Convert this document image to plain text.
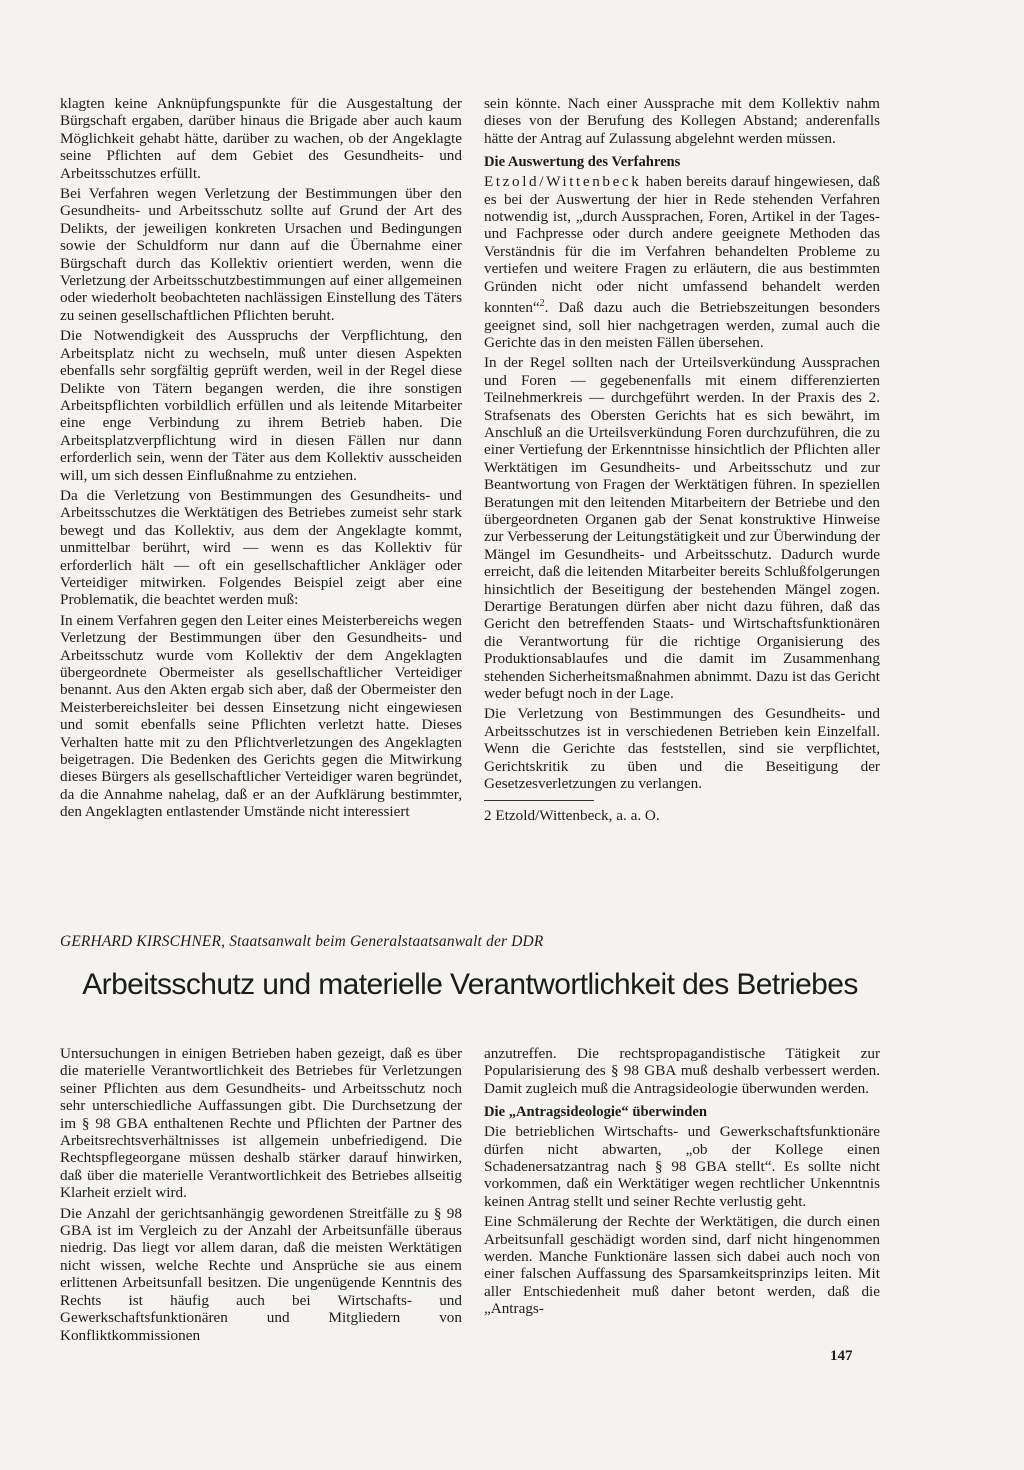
klagten keine Anknüpfungspunkte für die Ausgestaltung der Bürgschaft ergaben, darüber hinaus die Brigade aber auch kaum Möglichkeit gehabt hätte, darüber zu wachen, ob der Angeklagte seine Pflichten auf dem Gebiet des Gesundheits- und Arbeitsschutzes erfüllt.

Bei Verfahren wegen Verletzung der Bestimmungen über den Gesundheits- und Arbeitsschutz sollte auf Grund der Art des Delikts, der jeweiligen konkreten Ursachen und Bedingungen sowie der Schuldform nur dann auf die Übernahme einer Bürgschaft durch das Kollektiv orientiert werden, wenn die Verletzung der Arbeitsschutzbestimmungen auf einer allgemeinen oder wiederholt beobachteten nachlässigen Einstellung des Täters zu seinen gesellschaftlichen Pflichten beruht.

Die Notwendigkeit des Ausspruchs der Verpflichtung, den Arbeitsplatz nicht zu wechseln, muß unter diesen Aspekten ebenfalls sehr sorgfältig geprüft werden, weil in der Regel diese Delikte von Tätern begangen werden, die ihre sonstigen Arbeitspflichten vorbildlich erfüllen und als leitende Mitarbeiter eine enge Verbindung zu ihrem Betrieb haben. Die Arbeitsplatzverpflichtung wird in diesen Fällen nur dann erforderlich sein, wenn der Täter aus dem Kollektiv ausscheiden will, um sich dessen Einflußnahme zu entziehen.

Da die Verletzung von Bestimmungen des Gesundheits- und Arbeitsschutzes die Werktätigen des Betriebes zumeist sehr stark bewegt und das Kollektiv, aus dem der Angeklagte kommt, unmittelbar berührt, wird — wenn es das Kollektiv für erforderlich hält — oft ein gesellschaftlicher Ankläger oder Verteidiger mitwirken. Folgendes Beispiel zeigt aber eine Problematik, die beachtet werden muß:

In einem Verfahren gegen den Leiter eines Meisterbereichs wegen Verletzung der Bestimmungen über den Gesundheits- und Arbeitsschutz wurde vom Kollektiv der dem Angeklagten übergeordnete Obermeister als gesellschaftlicher Verteidiger benannt. Aus den Akten ergab sich aber, daß der Obermeister den Meisterbereichsleiter bei dessen Einsetzung nicht eingewiesen und somit ebenfalls seine Pflichten verletzt hatte. Dieses Verhalten hatte mit zu den Pflichtverletzungen des Angeklagten beigetragen. Die Bedenken des Gerichts gegen die Mitwirkung dieses Bürgers als gesellschaftlicher Verteidiger waren begründet, da die Annahme nahelag, daß er an der Aufklärung bestimmter, den Angeklagten entlastender Umstände nicht interessiert

sein könnte. Nach einer Aussprache mit dem Kollektiv nahm dieses von der Berufung des Kollegen Abstand; anderenfalls hätte der Antrag auf Zulassung abgelehnt werden müssen.

Die Auswertung des Verfahrens

Etzold/Wittenbeck haben bereits darauf hingewiesen, daß es bei der Auswertung der hier in Rede stehenden Verfahren notwendig ist, „durch Aussprachen, Foren, Artikel in der Tages- und Fachpresse oder durch andere geeignete Methoden das Verständnis für die im Verfahren behandelten Probleme zu vertiefen und weitere Fragen zu erläutern, die aus bestimmten Gründen nicht oder nicht umfassend behandelt werden konnten“$^2$. Daß dazu auch die Betriebszeitungen besonders geeignet sind, soll hier nachgetragen werden, zumal auch die Gerichte das in den meisten Fällen übersehen.

In der Regel sollten nach der Urteilsverkündung Aussprachen und Foren — gegebenenfalls mit einem differenzierten Teilnehmerkreis — durchgeführt werden. In der Praxis des 2. Strafsenats des Obersten Gerichts hat es sich bewährt, im Anschluß an die Urteilsverkündung Foren durchzuführen, die zu einer Vertiefung der Erkenntnisse hinsichtlich der Pflichten aller Werktätigen im Gesundheits- und Arbeitsschutz und zur Beantwortung von Fragen der Werktätigen führen. In speziellen Beratungen mit den leitenden Mitarbeitern der Betriebe und den übergeordneten Organen gab der Senat konstruktive Hinweise zur Verbesserung der Leitungstätigkeit und zur Überwindung der Mängel im Gesundheits- und Arbeitsschutz. Dadurch wurde erreicht, daß die leitenden Mitarbeiter bereits Schlußfolgerungen hinsichtlich der Beseitigung der bestehenden Mängel zogen. Derartige Beratungen dürfen aber nicht dazu führen, daß das Gericht den betreffenden Staats- und Wirtschaftsfunktionären die Verantwortung für die richtige Organisierung des Produktionsablaufes und die damit im Zusammenhang stehenden Sicherheitsmaßnahmen abnimmt. Dazu ist das Gericht weder befugt noch in der Lage.

Die Verletzung von Bestimmungen des Gesundheits- und Arbeitsschutzes ist in verschiedenen Betrieben kein Einzelfall. Wenn die Gerichte das feststellen, sind sie verpflichtet, Gerichtskritik zu üben und die Beseitigung der Gesetzesverletzungen zu verlangen.

2 Etzold/Wittenbeck, a. a. O.

GERHARD KIRSCHNER, Staatsanwalt beim Generalstaatsanwalt der DDR
Arbeitsschutz und materielle Verantwortlichkeit des Betriebes

Untersuchungen in einigen Betrieben haben gezeigt, daß es über die materielle Verantwortlichkeit des Betriebes für Verletzungen seiner Pflichten aus dem Gesundheits- und Arbeitsschutz noch sehr unterschiedliche Auffassungen gibt. Die Durchsetzung der im § 98 GBA enthaltenen Rechte und Pflichten der Partner des Arbeitsrechtsverhältnisses ist allgemein unbefriedigend. Die Rechtspflegeorgane müssen deshalb stärker darauf hinwirken, daß über die materielle Verantwortlichkeit des Betriebes allseitig Klarheit erzielt wird.

Die Anzahl der gerichtsanhängig gewordenen Streitfälle zu § 98 GBA ist im Vergleich zu der Anzahl der Arbeitsunfälle überaus niedrig. Das liegt vor allem daran, daß die meisten Werktätigen nicht wissen, welche Rechte und Ansprüche sie aus einem erlittenen Arbeitsunfall besitzen. Die ungenügende Kenntnis des Rechts ist häufig auch bei Wirtschafts- und Gewerkschaftsfunktionären und Mitgliedern von Konfliktkommissionen

anzutreffen. Die rechtspropagandistische Tätigkeit zur Popularisierung des § 98 GBA muß deshalb verbessert werden. Damit zugleich muß die Antragsideologie überwunden werden.

Die „Antragsideologie“ überwinden

Die betrieblichen Wirtschafts- und Gewerkschaftsfunktionäre dürfen nicht abwarten, „ob der Kollege einen Schadenersatzantrag nach § 98 GBA stellt“. Es sollte nicht vorkommen, daß ein Werktätiger wegen rechtlicher Unkenntnis keinen Antrag stellt und seiner Rechte verlustig geht.

Eine Schmälerung der Rechte der Werktätigen, die durch einen Arbeitsunfall geschädigt worden sind, darf nicht hingenommen werden. Manche Funktionäre lassen sich dabei auch noch von einer falschen Auffassung des Sparsamkeitsprinzips leiten. Mit aller Entschiedenheit muß daher betont werden, daß die „Antrags-

147
